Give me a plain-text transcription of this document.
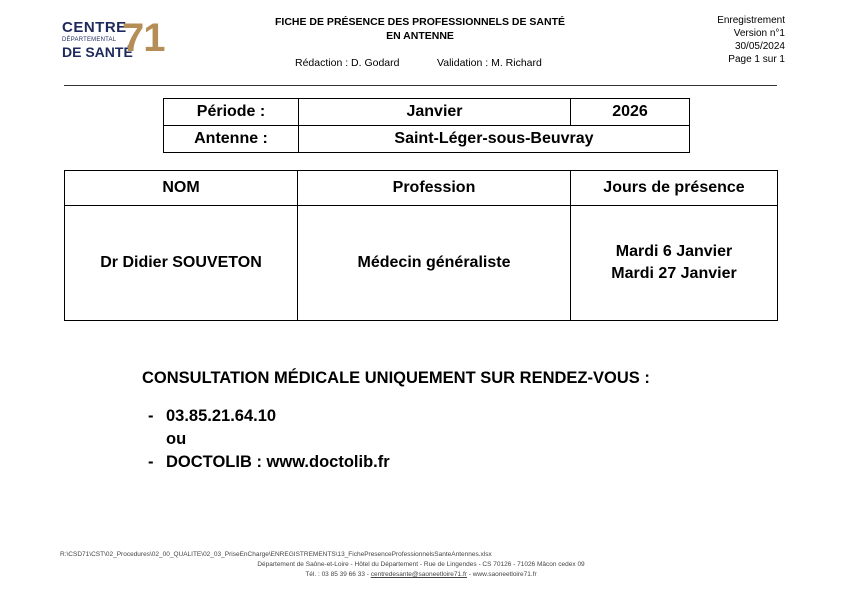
CENTRE
DÉPARTEMENTAL
DE SANTÉ
71	FICHE DE PRÉSENCE DES PROFESSIONNELS DE SANTÉ
EN ANTENNE
Rédaction : D. Godard	Validation : M. Richard
Enregistrement
Version n°1
30/05/2024
Page 1 sur 1
Période :	Janvier	2026
Antenne :	Saint-Léger-sous-Beuvray	
NOM	Profession	Jours de présence
Dr Didier SOUVETON	Médecin généraliste	Mardi 6 Janvier
Mardi 27 Janvier
CONSULTATION MÉDICALE UNIQUEMENT SUR RENDEZ-VOUS :
- 03.85.21.64.10
ou
- DOCTOLIB : www.doctolib.fr
R:\CSD71\CST\02_Procedures\02_00_QUALITE\02_03_PriseEnCharge\ENREGISTREMENTS\13_FichePresenceProfessionnelsSanteAntennes.xlsx
Département de Saône-et-Loire - Hôtel du Département - Rue de Lingendes - CS 70126 - 71026 Mâcon cedex 09
Tél. : 03 85 39 66 33 - centredesante@saoneetloire71.fr - www.saoneetloire71.fr
